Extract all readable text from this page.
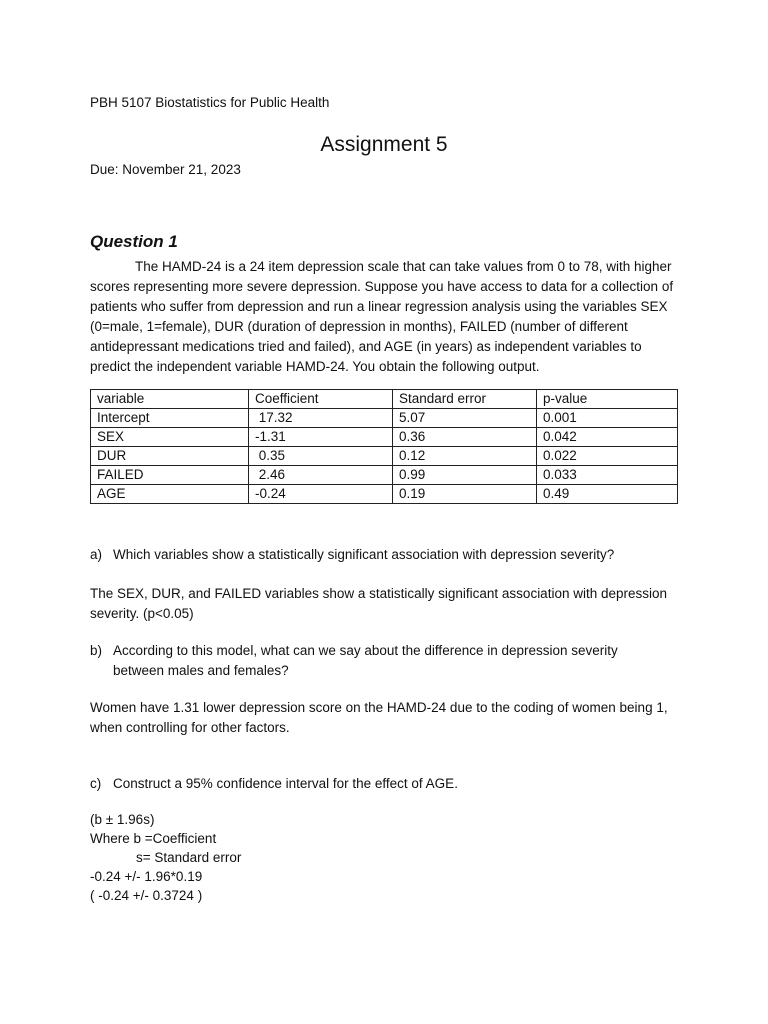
PBH 5107 Biostatistics for Public Health
Assignment 5
Due: November 21, 2023
Question 1

The HAMD-24 is a 24 item depression scale that can take values from 0 to 78, with higher scores representing more severe depression. Suppose you have access to data for a collection of patients who suffer from depression and run a linear regression analysis using the variables SEX (0=male, 1=female), DUR (duration of depression in months), FAILED (number of different antidepressant medications tried and failed), and AGE (in years) as independent variables to predict the independent variable HAMD-24. You obtain the following output.

variable	Coefficient	Standard error	p-value
Intercept	17.32	5.07	0.001
SEX	-1.31	0.36	0.042
DUR	0.35	0.12	0.022
FAILED	2.46	0.99	0.033
AGE	-0.24	0.19	0.49
a) Which variables show a statistically significant association with depression severity?
The SEX, DUR, and FAILED variables show a statistically significant association with depression severity. (p<0.05)
b) According to this model, what can we say about the difference in depression severity between males and females?
Women have 1.31 lower depression score on the HAMD-24 due to the coding of women being 1, when controlling for other factors.
c) Construct a 95% confidence interval for the effect of AGE.
(b ± 1.96s)
Where b =Coefficient
s= Standard error
-0.24 +/- 1.96*0.19
( -0.24 +/- 0.3724 )
